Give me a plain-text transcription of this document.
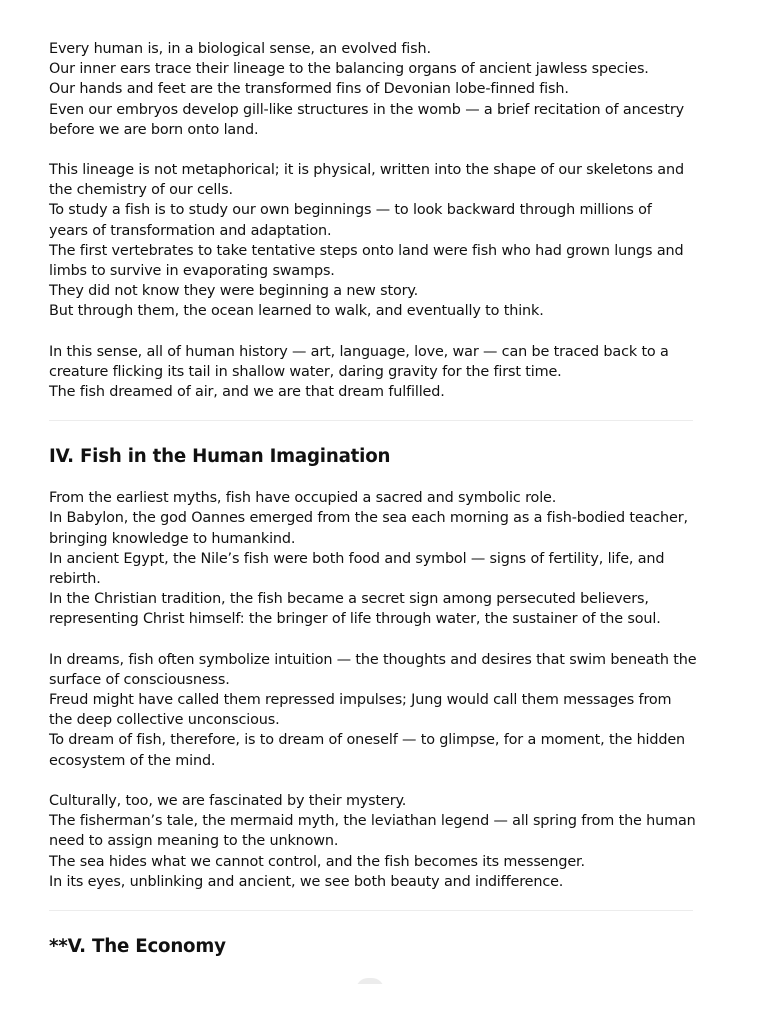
Every human is, in a biological sense, an evolved fish.
Our inner ears trace their lineage to the balancing organs of ancient jawless species.
Our hands and feet are the transformed fins of Devonian lobe-finned fish.
Even our embryos develop gill-like structures in the womb — a brief recitation of ancestry
before we are born onto land.
This lineage is not metaphorical; it is physical, written into the shape of our skeletons and
the chemistry of our cells.
To study a fish is to study our own beginnings — to look backward through millions of
years of transformation and adaptation.
The first vertebrates to take tentative steps onto land were fish who had grown lungs and
limbs to survive in evaporating swamps.
They did not know they were beginning a new story.
But through them, the ocean learned to walk, and eventually to think.
In this sense, all of human history — art, language, love, war — can be traced back to a
creature flicking its tail in shallow water, daring gravity for the first time.
The fish dreamed of air, and we are that dream fulfilled.
IV. Fish in the Human Imagination
From the earliest myths, fish have occupied a sacred and symbolic role.
In Babylon, the god Oannes emerged from the sea each morning as a fish-bodied teacher,
bringing knowledge to humankind.
In ancient Egypt, the Nile’s fish were both food and symbol — signs of fertility, life, and
rebirth.
In the Christian tradition, the fish became a secret sign among persecuted believers,
representing Christ himself: the bringer of life through water, the sustainer of the soul.
In dreams, fish often symbolize intuition — the thoughts and desires that swim beneath the
surface of consciousness.
Freud might have called them repressed impulses; Jung would call them messages from
the deep collective unconscious.
To dream of fish, therefore, is to dream of oneself — to glimpse, for a moment, the hidden
ecosystem of the mind.
Culturally, too, we are fascinated by their mystery.
The fisherman’s tale, the mermaid myth, the leviathan legend — all spring from the human
need to assign meaning to the unknown.
The sea hides what we cannot control, and the fish becomes its messenger.
In its eyes, unblinking and ancient, we see both beauty and indifference.
**V. The Economy
